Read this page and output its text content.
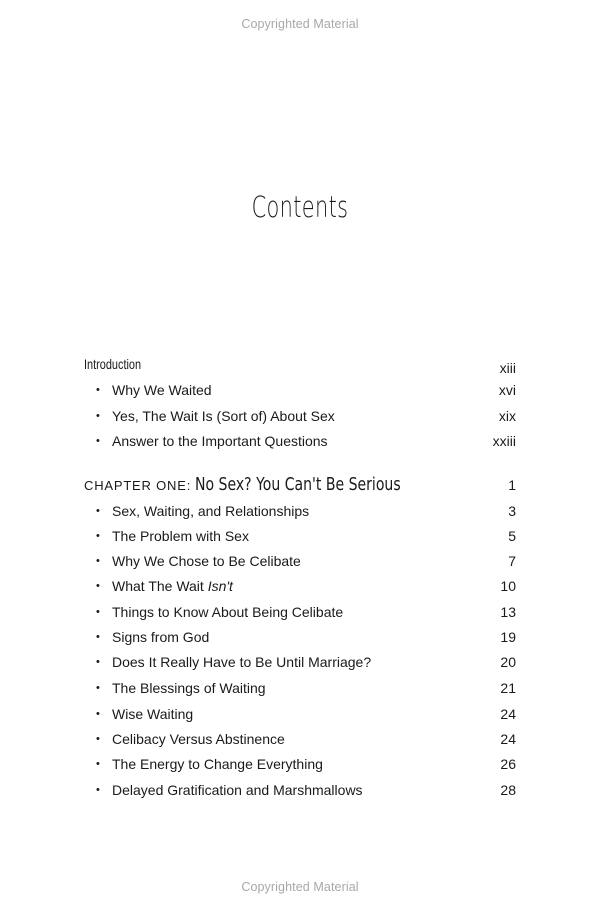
Copyrighted Material
Contents
Introduction	xiii
• Why We Waited	xvi
• Yes, The Wait Is (Sort of) About Sex	xix
• Answer to the Important Questions	xxiii
CHAPTER ONE: No Sex? You Can't Be Serious	1
• Sex, Waiting, and Relationships	3
• The Problem with Sex	5
• Why We Chose to Be Celibate	7
• What The Wait Isn't	10
• Things to Know About Being Celibate	13
• Signs from God	19
• Does It Really Have to Be Until Marriage?	20
• The Blessings of Waiting	21
• Wise Waiting	24
• Celibacy Versus Abstinence	24
• The Energy to Change Everything	26
• Delayed Gratification and Marshmallows	28
Copyrighted Material
